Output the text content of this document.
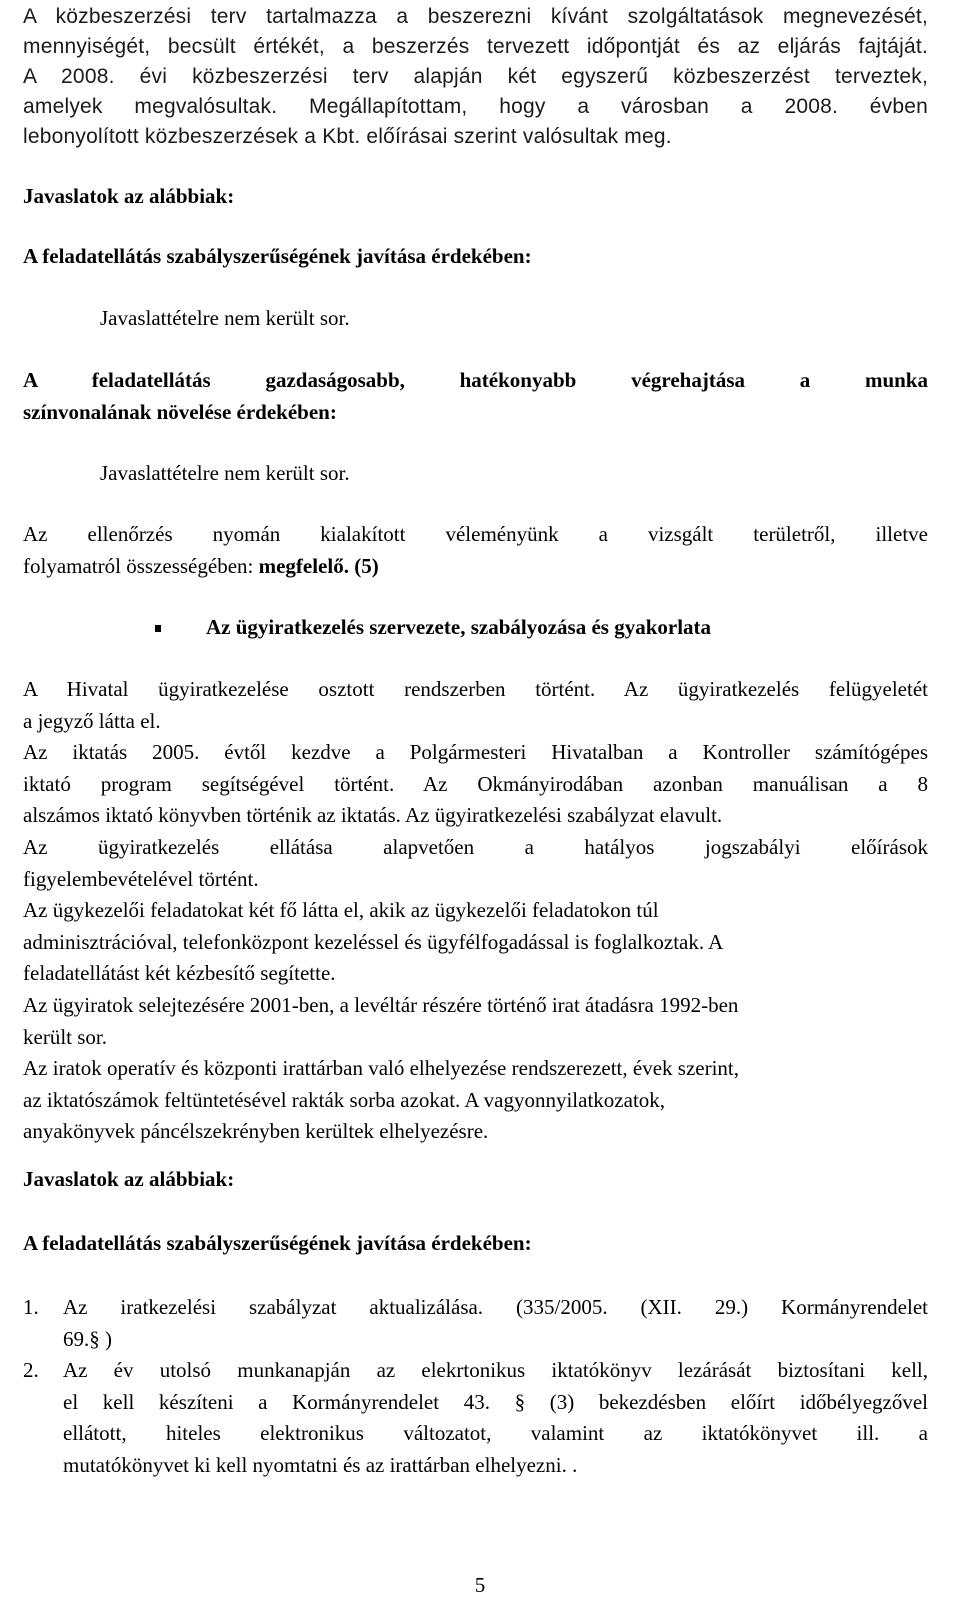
A közbeszerzési terv tartalmazza a beszerezni kívánt szolgáltatások megnevezését,
mennyiségét, becsült értékét, a beszerzés tervezett időpontját és az eljárás fajtáját.
A 2008. évi közbeszerzési terv alapján két egyszerű közbeszerzést terveztek,
amelyek megvalósultak. Megállapítottam, hogy a városban a 2008. évben
lebonyolított közbeszerzések a Kbt. előírásai szerint valósultak meg.

Javaslatok az alábbiak:

A feladatellátás szabályszerűségének javítása érdekében:

Javaslattételre nem került sor.

A feladatellátás gazdaságosabb, hatékonyabb végrehajtása a munka
színvonalának növelése érdekében:

Javaslattételre nem került sor.

Az ellenőrzés nyomán kialakított véleményünk a vizsgált területről, illetve
folyamatról összességében: megfelelő. (5)
Az ügyiratkezelés szervezete, szabályozása és gyakorlata
A Hivatal ügyiratkezelése osztott rendszerben történt. Az ügyiratkezelés felügyeletét
a jegyző látta el.
Az iktatás 2005. évtől kezdve a Polgármesteri Hivatalban a Kontroller számítógépes
iktató program segítségével történt. Az Okmányirodában azonban manuálisan a 8
alszámos iktató könyvben történik az iktatás. Az ügyiratkezelési szabályzat elavult.
Az ügyiratkezelés ellátása alapvetően a hatályos jogszabályi előírások
figyelembevételével történt.
Az ügykezelői feladatokat két fő látta el, akik az ügykezelői feladatokon túl
adminisztrációval, telefonközpont kezeléssel és ügyfélfogadással is foglalkoztak. A
feladatellátást két kézbesítő segítette.
Az ügyiratok selejtezésére 2001-ben, a levéltár részére történő irat átadásra 1992-ben
került sor.
Az iratok operatív és központi irattárban való elhelyezése rendszerezett, évek szerint,
az iktatószámok feltüntetésével rakták sorba azokat. A vagyonnyilatkozatok,
anyakönyvek páncélszekrényben kerültek elhelyezésre.

Javaslatok az alábbiak:

A feladatellátás szabályszerűségének javítása érdekében:

1. Az iratkezelési szabályzat aktualizálása. (335/2005. (XII. 29.) Kormányrendelet
69.§ )
2. Az év utolsó munkanapján az elekrtonikus iktatókönyv lezárását biztosítani kell,
el kell készíteni a Kormányrendelet 43. § (3) bekezdésben előírt időbélyegzővel
ellátott, hiteles elektronikus változatot, valamint az iktatókönyvet ill. a
mutatókönyvet ki kell nyomtatni és az irattárban elhelyezni. .

5
